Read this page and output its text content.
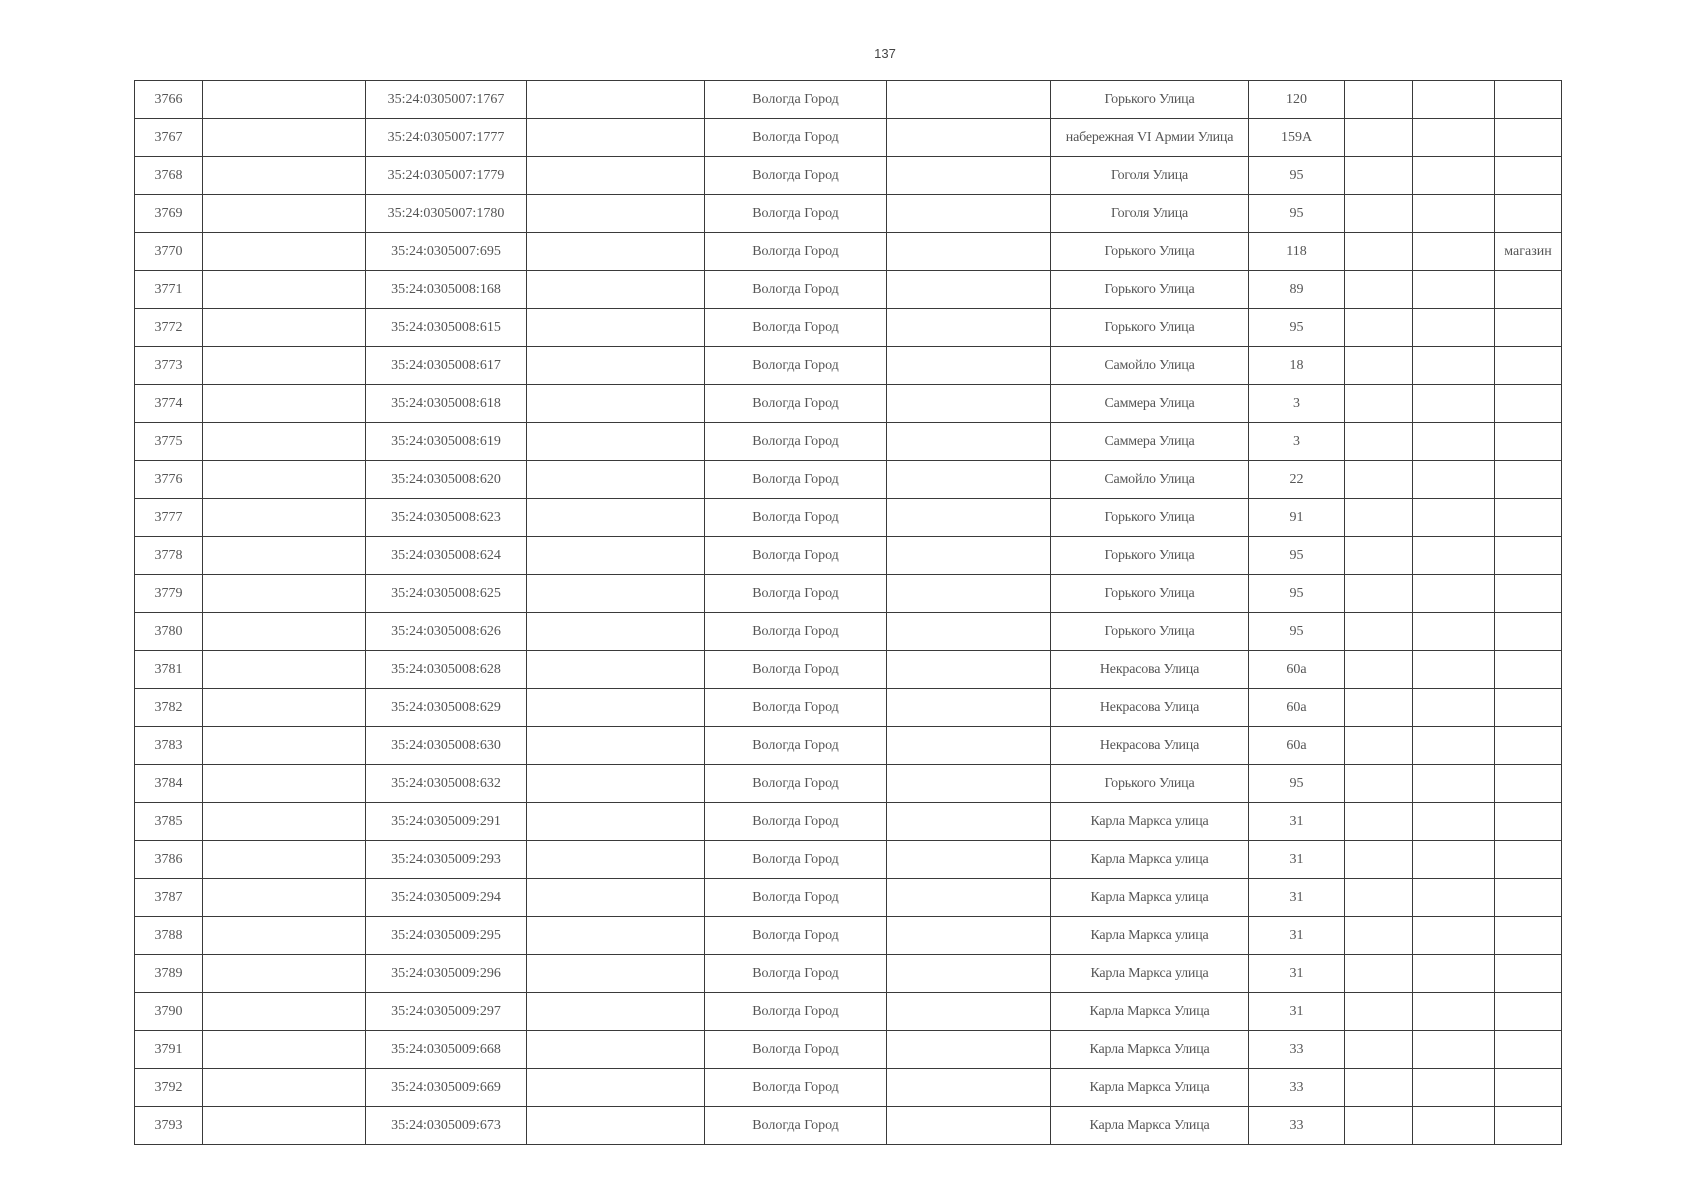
137
3766		35:24:0305007:1767		Вологда Город		Горького Улица	120			
3767		35:24:0305007:1777		Вологда Город		набережная VI Армии Улица	159А			
3768		35:24:0305007:1779		Вологда Город		Гоголя Улица	95			
3769		35:24:0305007:1780		Вологда Город		Гоголя Улица	95			
3770		35:24:0305007:695		Вологда Город		Горького Улица	118			магазин
3771		35:24:0305008:168		Вологда Город		Горького Улица	89			
3772		35:24:0305008:615		Вологда Город		Горького Улица	95			
3773		35:24:0305008:617		Вологда Город		Самойло Улица	18			
3774		35:24:0305008:618		Вологда Город		Саммера Улица	3			
3775		35:24:0305008:619		Вологда Город		Саммера Улица	3			
3776		35:24:0305008:620		Вологда Город		Самойло Улица	22			
3777		35:24:0305008:623		Вологда Город		Горького Улица	91			
3778		35:24:0305008:624		Вологда Город		Горького Улица	95			
3779		35:24:0305008:625		Вологда Город		Горького Улица	95			
3780		35:24:0305008:626		Вологда Город		Горького Улица	95			
3781		35:24:0305008:628		Вологда Город		Некрасова Улица	60а			
3782		35:24:0305008:629		Вологда Город		Некрасова Улица	60а			
3783		35:24:0305008:630		Вологда Город		Некрасова Улица	60а			
3784		35:24:0305008:632		Вологда Город		Горького Улица	95			
3785		35:24:0305009:291		Вологда Город		Карла Маркса улица	31			
3786		35:24:0305009:293		Вологда Город		Карла Маркса улица	31			
3787		35:24:0305009:294		Вологда Город		Карла Маркса улица	31			
3788		35:24:0305009:295		Вологда Город		Карла Маркса улица	31			
3789		35:24:0305009:296		Вологда Город		Карла Маркса улица	31			
3790		35:24:0305009:297		Вологда Город		Карла Маркса Улица	31			
3791		35:24:0305009:668		Вологда Город		Карла Маркса Улица	33			
3792		35:24:0305009:669		Вологда Город		Карла Маркса Улица	33			
3793		35:24:0305009:673		Вологда Город		Карла Маркса Улица	33			
